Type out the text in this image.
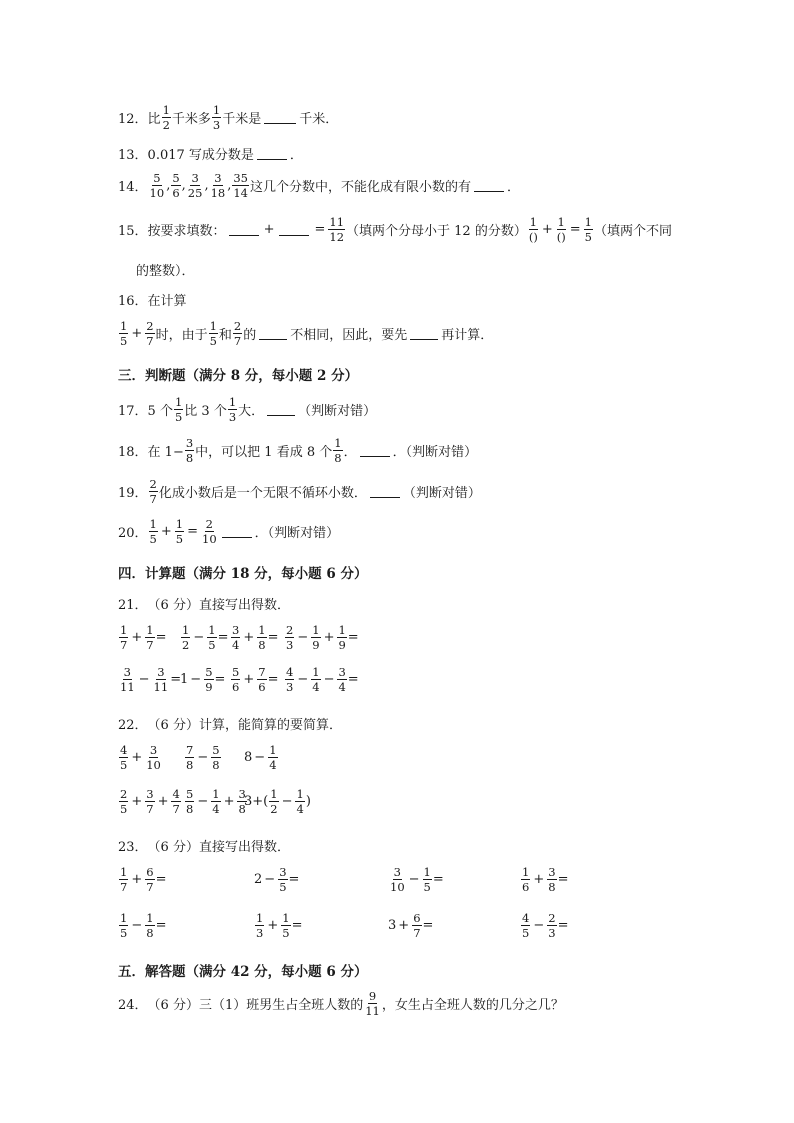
12． 比 $\frac{1}{2}$ 千米多 $\frac{1}{3}$ 千米是	千米．
13． 0.017 写成分数是	．
14． $\frac{5}{10}$ , $\frac{5}{6}$ , $\frac{3}{25}$ , $\frac{3}{18}$ , $\frac{35}{14}$ 这几个分数中，不能化成有限小数的有	．
15． 按要求填数：	+	= $\frac{11}{12}$ （填两个分母小于 12 的分数） $\frac{1}{()} + \frac{1}{()} = \frac{1}{5}$ （填两个不同
的整数）．
16． 在计算
$\frac{1}{5} + \frac{2}{7}$ 时，由于 $\frac{1}{5}$ 和 $\frac{2}{7}$ 的	不相同，因此，要先	再计算．
三．判断题（满分 8 分，每小题 2 分）
17． 5 个 $\frac{1}{5}$ 比 3 个 $\frac{1}{3}$ 大．	（判断对错）
18． 在 $1- \frac{3}{8}$ 中，可以把 1 看成 8 个 $\frac{1}{8}$ ．	．（判断对错）
19． $\frac{2}{7}$ 化成小数后是一个无限不循环小数．	（判断对错）
20． $\frac{1}{5} + \frac{1}{5} = \frac{2}{10}$	．（判断对错）
四．计算题（满分 18 分，每小题 6 分）
21． （6 分）直接写出得数．
$\frac{1}{7} + \frac{1}{7} = \frac{1}{2} - \frac{1}{5} = \frac{3}{4} + \frac{1}{8} = \frac{2}{3} - \frac{1}{9} + \frac{1}{9}$ =
$\frac{3}{11} - \frac{3}{11}$ =
$1 - \frac{5}{9} = \frac{5}{6} + \frac{7}{6} = \frac{4}{3} - \frac{1}{4} - \frac{3}{4}$ =
22． （6 分）计算，能简算的要简算．
$\frac{4}{5} + \frac{3}{10} \frac{7}{8} - \frac{5}{8} 8 - \frac{1}{4}$
$\frac{2}{5} + \frac{3}{7} + \frac{4}{7} \frac{5}{8} - \frac{1}{4} + \frac{3}{8}$
$3+( \frac{1}{2} - \frac{1}{4}$ )
23． （6 分）直接写出得数．
$\frac{1}{7} + \frac{6}{7}$ =	$2 - \frac{3}{5}$ =	$\frac{3}{10} - \frac{1}{5}$ =	$\frac{1}{6} + \frac{3}{8}$ =
$\frac{1}{5} - \frac{1}{8}$ =	$\frac{1}{3} + \frac{1}{5}$ =	$3 + \frac{6}{7}$ =	$\frac{4}{5} - \frac{2}{3}$ =
五．解答题（满分 42 分，每小题 6 分）
24． （6 分）三（1）班男生占全班人数的 $\frac{9}{11}$ ，女生占全班人数的几分之几？
